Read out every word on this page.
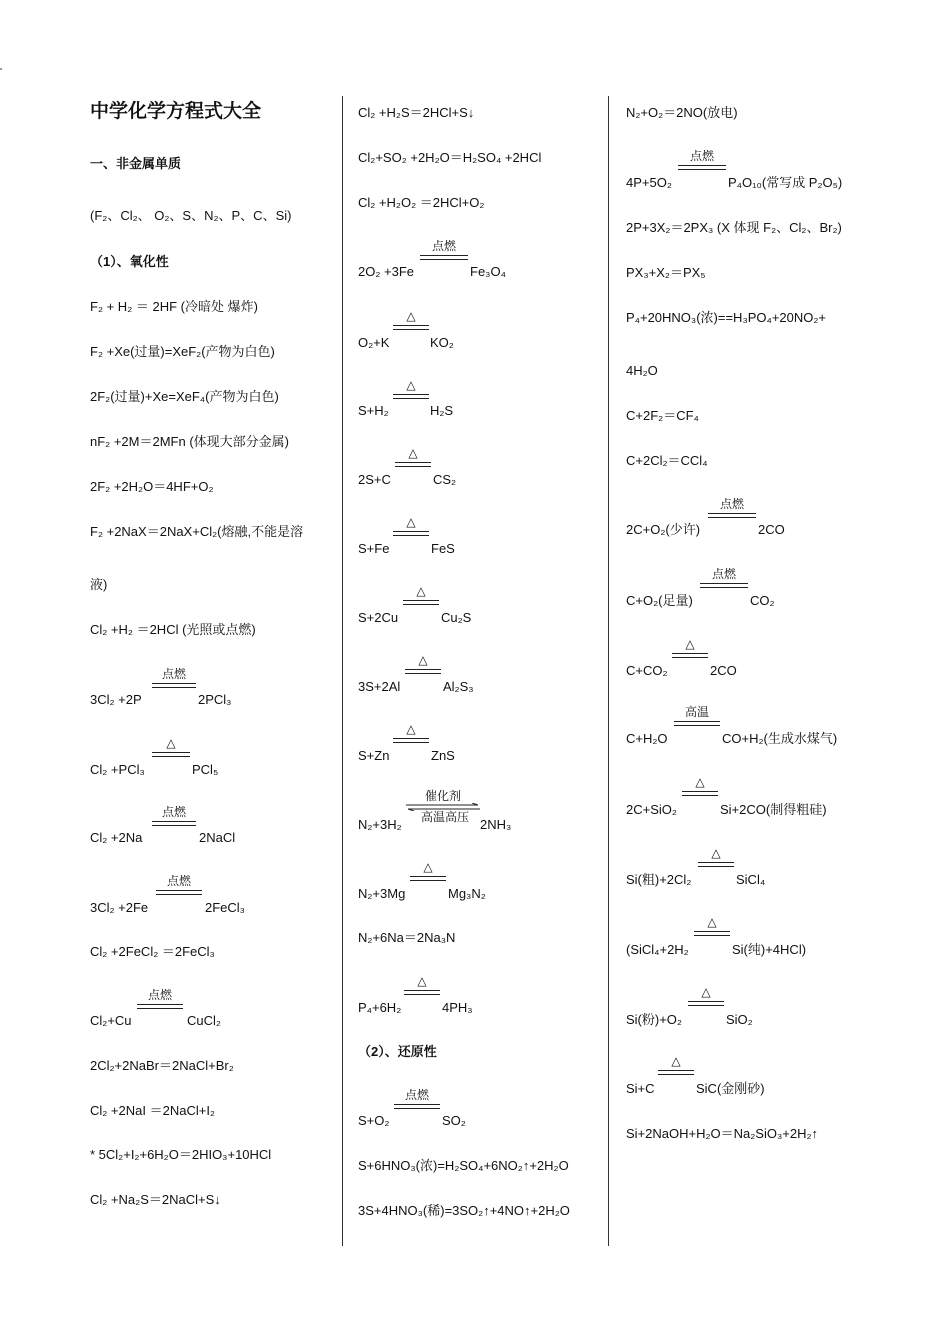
中学化学方程式大全
一、非金属单质
(F₂、Cl₂、 O₂、S、N₂、P、C、Si)
（1）、氧化性
F₂ + H₂ ＝ 2HF (冷暗处 爆炸)
F₂ +Xe(过量)=XeF₂(产物为白色)
2F₂(过量)+Xe=XeF₄(产物为白色)
nF₂ +2M＝2MFn (体现大部分金属)
2F₂ +2H₂O＝4HF+O₂
F₂ +2NaX＝2NaX+Cl₂(熔融,不能是溶
液)
Cl₂ +H₂ ＝2HCl (光照或点燃)
点燃
3Cl₂ +2P	2PCl₃
△
Cl₂ +PCl₃	PCl₅
点燃
Cl₂ +2Na	2NaCl
点燃
3Cl₂ +2Fe	2FeCl₃
Cl₂ +2FeCl₂ ＝2FeCl₃
点燃
Cl₂+Cu	CuCl₂
2Cl₂+2NaBr＝2NaCl+Br₂
Cl₂ +2NaI ＝2NaCl+I₂
* 5Cl₂+I₂+6H₂O＝2HIO₃+10HCl
Cl₂ +Na₂S＝2NaCl+S↓
Cl₂ +H₂S＝2HCl+S↓
Cl₂+SO₂ +2H₂O＝H₂SO₄ +2HCl
Cl₂ +H₂O₂ ＝2HCl+O₂
点燃
2O₂ +3Fe	Fe₃O₄
△
O₂+K	KO₂
△
S+H₂	H₂S
△
2S+C	CS₂
△
S+Fe	FeS
△
S+2Cu	Cu₂S
△
3S+2Al	Al₂S₃
△
S+Zn	ZnS
催化剂
高温高压
N₂+3H₂	2NH₃
△
N₂+3Mg	Mg₃N₂
N₂+6Na＝2Na₃N
△
P₄+6H₂	4PH₃
（2）、还原性
点燃
S+O₂	SO₂
S+6HNO₃(浓)=H₂SO₄+6NO₂↑+2H₂O
3S+4HNO₃(稀)=3SO₂↑+4NO↑+2H₂O
N₂+O₂＝2NO(放电)
点燃
4P+5O₂	P₄O₁₀(常写成 P₂O₅)
2P+3X₂＝2PX₃ (X 体现 F₂、Cl₂、Br₂)
PX₃+X₂＝PX₅
P₄+20HNO₃(浓)==H₃PO₄+20NO₂+
4H₂O
C+2F₂＝CF₄
C+2Cl₂＝CCl₄
点燃
2C+O₂(少许)	2CO
点燃
C+O₂(足量)	CO₂
△
C+CO₂	2CO
高温
C+H₂O	CO+H₂(生成水煤气)
△
2C+SiO₂	Si+2CO(制得粗硅)
△
Si(粗)+2Cl₂	SiCl₄
△
(SiCl₄+2H₂	Si(纯)+4HCl)
△
Si(粉)+O₂	SiO₂
△
Si+C	SiC(金刚砂)
Si+2NaOH+H₂O＝Na₂SiO₃+2H₂↑
